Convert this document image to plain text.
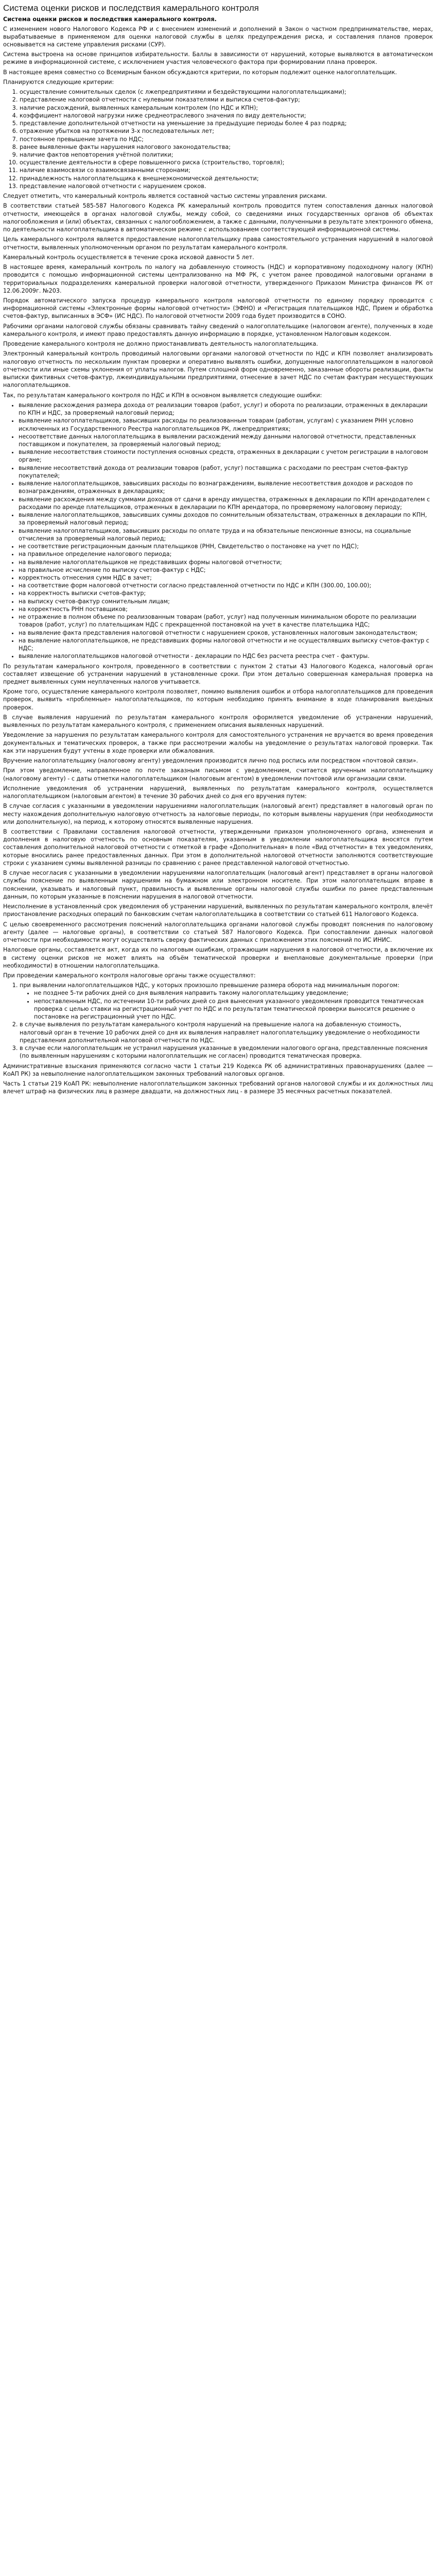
Система оценки рисков и последствия камерального контроля
Система оценки рисков и последствия камерального контроля.

С изменением нового Налогового Кодекса РФ и с внесением изменений и дополнений в Закон о частном предпринимательстве, мерах, вырабатываемые в применяемом для оценки налоговой службы в целях предупреждения риска, и составления планов проверок основывается на системе управления рисками (СУР).

Система выстроена на основе принципов избирательности. Баллы в зависимости от нарушений, которые выявляются в автоматическом режиме в информационной системе, с исключением участия человеческого фактора при формировании плана проверок.

В настоящее время совместно со Всемирным банком обсуждаются критерии, по которым подлежит оценке налогоплательщик.

Планируются следующие критерии:

1. осуществление сомнительных сделок (с лжепредприятиями и бездействующими налогоплательщиками);
2. представление налоговой отчетности с нулевыми показателями и выписка счетов-фактур;
3. наличие расхождений, выявленных камеральным контролем (по НДС и КПН);
4. коэффициент налоговой нагрузки ниже среднеотраслевого значения по виду деятельности;
5. представление дополнительной отчетности на уменьшение за предыдущие периоды более 4 раз подряд;
6. отражение убытков на протяжении 3-х последовательных лет;
7. постоянное превышение зачета по НДС;
8. ранее выявленные факты нарушения налогового законодательства;
9. наличие фактов неповторения учётной политики;
10. осуществление деятельности в сфере повышенного риска (строительство, торговля);
11. наличие взаимосвязи со взаимосвязанными сторонами;
12. принадлежность налогоплательщика к внешнеэкономической деятельности;
13. представление налоговой отчетности с нарушением сроков.

Следует отметить, что камеральный контроль является составной частью системы управления рисками.

В соответствии статьей 585-587 Налогового Кодекса РК камеральный контроль проводится путем сопоставления данных налоговой отчетности, имеющейся в органах налоговой службы, между собой, со сведениями иных государственных органов об объектах налогообложения и (или) объектах, связанных с налогообложением, а также с данными, полученными в результате электронного обмена, по деятельности налогоплательщика в автоматическом режиме с использованием соответствующей информационной системы.

Цель камерального контроля является предоставление налогоплательщику права самостоятельного устранения нарушений в налоговой отчетности, выявленных уполномоченным органом по результатам камерального контроля.

Камеральный контроль осуществляется в течение срока исковой давности 5 лет.

В настоящее время, камеральный контроль по налогу на добавленную стоимость (НДС) и корпоративному подоходному налогу (КПН) проводится с помощью информационной системы централизованно на МФ РК, с учетом ранее проводимой налоговыми органами в территориальных подразделениях камеральной проверки налоговой отчетности, утвержденного Приказом Министра финансов РК от 12.06.2009г. №203.

Порядок автоматического запуска процедур камерального контроля налоговой отчетности по единому порядку проводится с информационной системы «Электронные формы налоговой отчетности» (ЭФНО) и «Регистрация плательщиков НДС, Прием и обработка счетов-фактур, выписанных в ЭСФ» (ИС НДС). По налоговой отчетности 2009 года будет производится в СОНО.

Рабочими органами налоговой службы обязаны сравнивать тайну сведений о налогоплательщике (налоговом агенте), полученных в ходе камерального контроля, и имеют право предоставлять данную информацию в порядке, установленном Налоговым кодексом.

Проведение камерального контроля не должно приостанавливать деятельность налогоплательщика.

Электронный камеральный контроль проводимый налоговыми органами налоговой отчетности по НДС и КПН позволяет анализировать налоговую отчетность по нескольким пунктам проверки и оперативно выявлять ошибки, допущенные налогоплательщиком в налоговой отчетности или иные схемы уклонения от уплаты налогов. Путем сплошной форм одновременно, заказанные обороты реализации, факты выписки фиктивных счетов-фактур, лжеиндивидуальными предприятиями, отнесение в зачет НДС по счетам фактурам несуществующих налогоплательщиков.

Так, по результатам камерального контроля по НДС и КПН в основном выявляется следующие ошибки:

• выявление расхождения размера дохода от реализации товаров (работ, услуг) и оборота по реализации, отраженных в декларации по КПН и НДС, за проверяемый налоговый период;
• выявление налогоплательщиков, завысивших расходы по реализованным товарам (работам, услугам) с указанием РНН условно исключенных из Государственного Реестра налогоплательщиков РК, лжепредприятиях;
• несоответствие данных налогоплательщика в выявлении расхождений между данными налоговой отчетности, представленных поставщиком и покупателем, за проверяемый налоговый период;
• выявление несоответствия стоимости поступления основных средств, отраженных в декларации с учетом регистрации в налоговом органе;
• выявление несоответствий дохода от реализации товаров (работ, услуг) поставщика с расходами по реестрам счетов-фактур покупателей;
• выявление налогоплательщиков, завысивших расходы по вознаграждениям, выявление несоответствия доходов и расходов по вознаграждениям, отраженных в декларациях;
• выявление расхождения между суммами доходов от сдачи в аренду имущества, отраженных в декларации по КПН арендодателем с расходами по аренде плательщиков, отраженных в декларации по КПН арендатора, по проверяемому налоговому периоду;
• выявление налогоплательщиков, завысивших суммы доходов по сомнительным обязательствам, отраженных в декларации по КПН, за проверяемый налоговый период;
• выявление налогоплательщиков, завысивших расходы по оплате труда и на обязательные пенсионные взносы, на социальные отчисления за проверяемый налоговый период;
• не соответствие регистрационным данным плательщиков (РНН, Свидетельство о постановке на учет по НДС);
• на правильное определение налогового периода;
• на выявление налогоплательщиков не представивших формы налоговой отчетности;
• на правильное исчисление по выписку счетов-фактур с НДС;
• корректность отнесения сумм НДС в зачет;
• на соответствие форм налоговой отчетности согласно представленной отчетности по НДС и КПН (300.00, 100.00);
• на корректность выписки счетов-фактур;
• на выписку счетов-фактур сомнительным лицам;
• на корректность РНН поставщиков;
• не отражение в полном объеме по реализованным товарам (работ, услуг) над полученным минимальном обороте по реализации товаров (работ, услуг) по плательщикам НДС с прекращенной постановкой на учет в качестве плательщика НДС;
• на выявление факта представления налоговой отчетности с нарушением сроков, установленных налоговым законодательством;
• на выявление налогоплательщиков, не представивших формы налоговой отчетности и не осуществлявших выписку счетов-фактур с НДС;
• выявление налогоплательщиков налоговой отчетности - декларации по НДС без расчета реестра счет - фактуры.

По результатам камерального контроля, проведенного в соответствии с пунктом 2 статьи 43 Налогового Кодекса, налоговый орган составляет извещение об устранении нарушений в установленные сроки. При этом детально совершенная камеральная проверка на предмет выявленных сумм неуплаченных налогов учитывается.

Кроме того, осуществление камерального контроля позволяет, помимо выявления ошибок и отбора налогоплательщиков для проведения проверок, выявить «проблемные» налогоплательщиков, по которым необходимо принять внимание в ходе планирования выездных проверок.

В случае выявления нарушений по результатам камерального контроля оформляется уведомление об устранении нарушений, выявленных по результатам камерального контроля, с применением описания выявленных нарушений.

Уведомление за нарушения по результатам камерального контроля для самостоятельного устранения не вручается во время проведения документальных и тематических проверок, а также при рассмотрении жалобы на уведомление о результатах налоговой проверки. Так как эти нарушения будут учтены в ходе проверки или обжалования.

Вручение налогоплательщику (налоговому агенту) уведомления производится лично под роспись или посредством «почтовой связи».

При этом уведомление, направленное по почте заказным письмом с уведомлением, считается врученным налогоплательщику (налоговому агенту) - с даты отметки налогоплательщиком (налоговым агентом) в уведомлении почтовой или организации связи.

Исполнение уведомления об устранении нарушений, выявленных по результатам камерального контроля, осуществляется налогоплательщиком (налоговым агентом) в течение 30 рабочих дней со дня его вручения путем:

В случае согласия с указанными в уведомлении нарушениями налогоплательщик (налоговый агент) представляет в налоговый орган по месту нахождения дополнительную налоговую отчетность за налоговые периоды, по которым выявлены нарушения (при необходимости или дополнительную), на период, к которому относятся выявленные нарушения.

В соответствии с Правилами составления налоговой отчетности, утвержденными приказом уполномоченного органа, изменения и дополнения в налоговую отчетность по основным показателям, указанным в уведомлении налогоплательщика вносятся путем составления дополнительной налоговой отчетности с отметкой в графе «Дополнительная» в поле «Вид отчетности» в тех уведомлениях, которые вносились ранее предоставленных данных. При этом в дополнительной налоговой отчетности заполняются соответствующие строки с указанием суммы выявленной разницы по сравнению с ранее представленной налоговой отчетностью.

В случае несогласия с указанными в уведомлении нарушениями налогоплательщик (налоговый агент) представляет в органы налоговой службы пояснение по выявленным нарушениям на бумажном или электронном носителе. При этом налогоплательщик вправе в пояснении, указывать и налоговый пункт, правильность и выявленные органы налоговой службы ошибки по ранее представленным данным, по которым указанные в пояснении нарушения в налоговой отчетности.

Неисполнение в установленный срок уведомления об устранении нарушений, выявленных по результатам камерального контроля, влечёт приостановление расходных операций по банковским счетам налогоплательщика в соответствии со статьей 611 Налогового Кодекса.

С целью своевременного рассмотрения пояснений налогоплательщика органами налоговой службы проводят пояснения по налоговому агенту (далее — налоговые органы), в соответствии со статьей 587 Налогового Кодекса. При сопоставлении данных налоговой отчетности при необходимости могут осуществлять сверку фактических данных с приложением этих пояснений по ИС ИНИС.

Налоговые органы, составляется акт, когда их по налоговым ошибкам, отражающим нарушения в налоговой отчетности, а включение их в систему оценки рисков не может влиять на объём тематической проверки и внеплановые документальные проверки (при необходимости) в отношении налогоплательщика.

При проведении камерального контроля налоговые органы также осуществляют:

1. при выявлении налогоплательщиков НДС, у которых произошло превышение размера оборота над минимальным порогом:
• не позднее 5-ти рабочих дней со дня выявления направить такому налогоплательщику уведомление;
• непоставленным НДС, по истечении 10-ти рабочих дней со дня вынесения указанного уведомления проводится тематическая проверка с целью ставки на регистрационный учет по НДС и по результатам тематической проверки выносится решение о постановке на регистрационный учет по НДС.
2. в случае выявления по результатам камерального контроля нарушений на превышение налога на добавленную стоимость, налоговый орган в течение 10 рабочих дней со дня их выявления направляет налогоплательщику уведомление о необходимости представления дополнительной налоговой отчетности по НДС.
3. в случае если налогоплательщик не устранил нарушения указанные в уведомлении налогового органа, представленные пояснения (по выявленным нарушениям с которыми налогоплательщик не согласен) проводится тематическая проверка.

Административные взыскания применяются согласно части 1 статьи 219 Кодекса РК об административных правонарушениях (далее — КоАП РК) за невыполнение налогоплательщиком законных требований налоговых органов.

Часть 1 статьи 219 КоАП РК: невыполнение налогоплательщиком законных требований органов налоговой службы и их должностных лиц влечет штраф на физических лиц в размере двадцати, на должностных лиц - в размере 35 месячных расчетных показателей.
